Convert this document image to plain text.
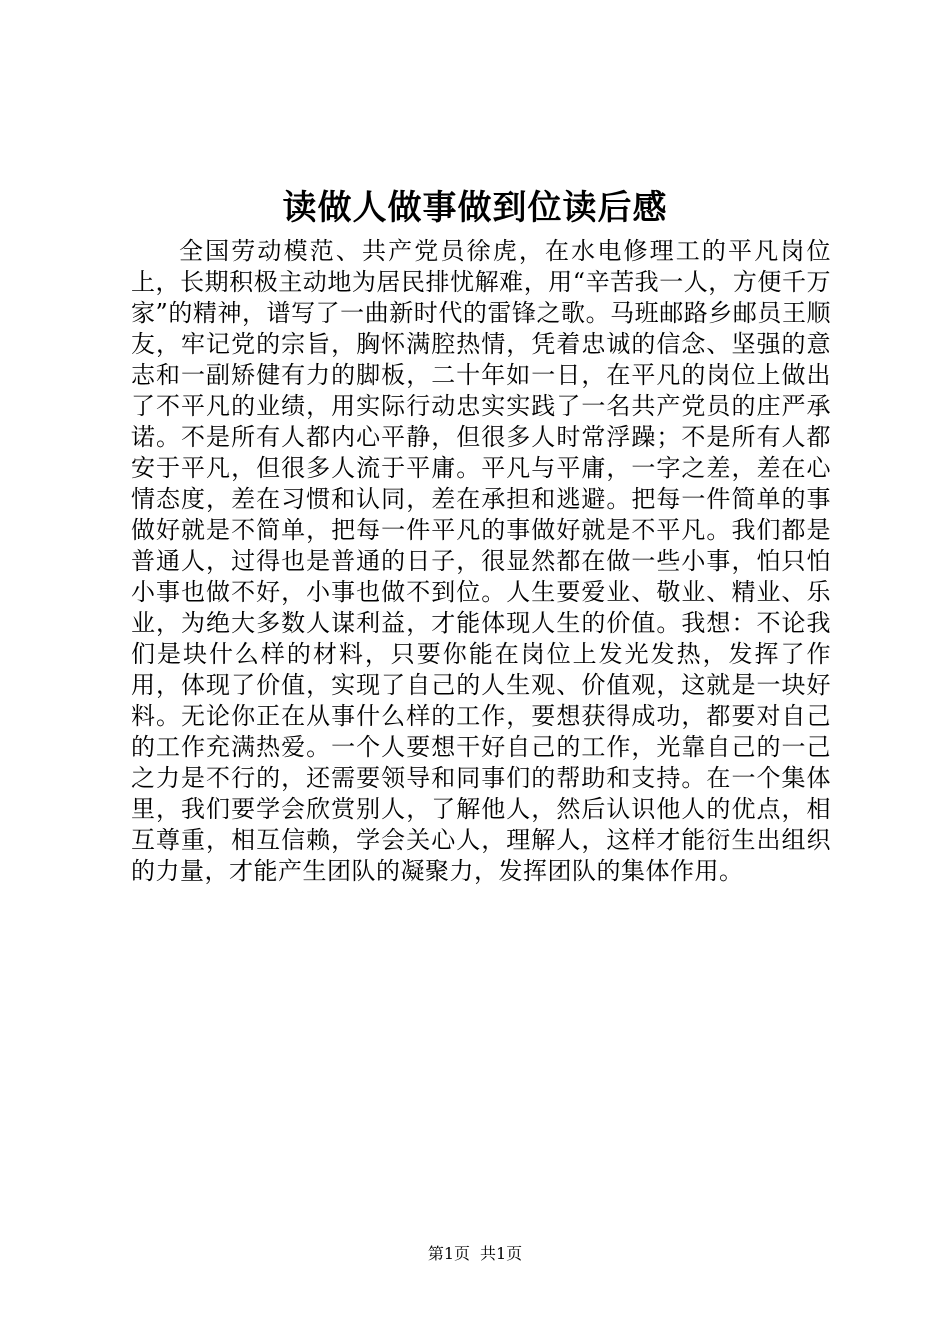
读做人做事做到位读后感

全国劳动模范、共产党员徐虎，在水电修理工的平凡岗位上，长期积极主动地为居民排忧解难，用“辛苦我一人，方便千万家”的精神，谱写了一曲新时代的雷锋之歌。马班邮路乡邮员王顺友，牢记党的宗旨，胸怀满腔热情，凭着忠诚的信念、坚强的意志和一副矫健有力的脚板，二十年如一日，在平凡的岗位上做出了不平凡的业绩，用实际行动忠实实践了一名共产党员的庄严承诺。不是所有人都内心平静，但很多人时常浮躁；不是所有人都安于平凡，但很多人流于平庸。平凡与平庸，一字之差，差在心情态度，差在习惯和认同，差在承担和逃避。把每一件简单的事做好就是不简单，把每一件平凡的事做好就是不平凡。我们都是普通人，过得也是普通的日子，很显然都在做一些小事，怕只怕小事也做不好，小事也做不到位。人生要爱业、敬业、精业、乐业，为绝大多数人谋利益，才能体现人生的价值。我想：不论我们是块什么样的材料，只要你能在岗位上发光发热，发挥了作用，体现了价值，实现了自己的人生观、价值观，这就是一块好料。无论你正在从事什么样的工作，要想获得成功，都要对自己的工作充满热爱。一个人要想干好自己的工作，光靠自己的一己之力是不行的，还需要领导和同事们的帮助和支持。在一个集体里，我们要学会欣赏别人，了解他人，然后认识他人的优点，相互尊重，相互信赖，学会关心人，理解人，这样才能衍生出组织的力量，才能产生团队的凝聚力，发挥团队的集体作用。

第1页 共1页
